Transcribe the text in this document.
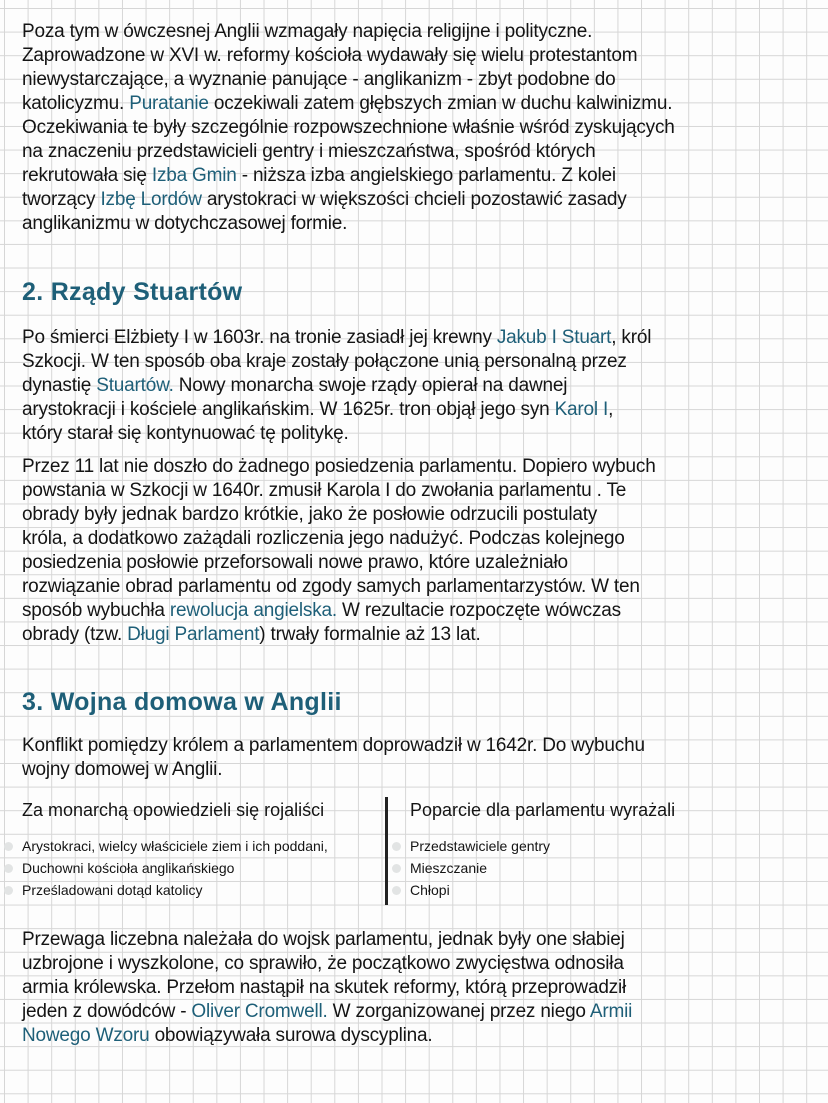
Poza tym w ówczesnej Anglii wzmagały napięcia religijne i polityczne.
Zaprowadzone w XVI w. reformy kościoła wydawały się wielu protestantom
niewystarczające, a wyznanie panujące - anglikanizm - zbyt podobne do
katolicyzmu. Puratanie oczekiwali zatem głębszych zmian w duchu kalwinizmu.
Oczekiwania te były szczególnie rozpowszechnione właśnie wśród zyskujących
na znaczeniu przedstawicieli gentry i mieszczaństwa, spośród których
rekrutowała się Izba Gmin - niższa izba angielskiego parlamentu. Z kolei
tworzący Izbę Lordów arystokraci w większości chcieli pozostawić zasady
anglikanizmu w dotychczasowej formie.
2. Rządy Stuartów
Po śmierci Elżbiety I w 1603r. na tronie zasiadł jej krewny Jakub I Stuart, król
Szkocji. W ten sposób oba kraje zostały połączone unią personalną przez
dynastię Stuartów. Nowy monarcha swoje rządy opierał na dawnej
arystokracji i kościele anglikańskim. W 1625r. tron objął jego syn Karol I,
który starał się kontynuować tę politykę.
Przez 11 lat nie doszło do żadnego posiedzenia parlamentu. Dopiero wybuch
powstania w Szkocji w 1640r. zmusił Karola I do zwołania parlamentu . Te
obrady były jednak bardzo krótkie, jako że posłowie odrzucili postulaty
króla, a dodatkowo zażądali rozliczenia jego nadużyć. Podczas kolejnego
posiedzenia posłowie przeforsowali nowe prawo, które uzależniało
rozwiązanie obrad parlamentu od zgody samych parlamentarzystów. W ten
sposób wybuchła rewolucja angielska. W rezultacie rozpoczęte wówczas
obrady (tzw. Długi Parlament) trwały formalnie aż 13 lat.
3. Wojna domowa w Anglii
Konflikt pomiędzy królem a parlamentem doprowadził w 1642r. Do wybuchu
wojny domowej w Anglii.
Za monarchą opowiedzieli się rojaliści
Arystokraci, wielcy właściciele ziem i ich poddani,
Duchowni kościoła anglikańskiego
Prześladowani dotąd katolicy
Poparcie dla parlamentu wyrażali
Przedstawiciele gentry
Mieszczanie
Chłopi
Przewaga liczebna należała do wojsk parlamentu, jednak były one słabiej
uzbrojone i wyszkolone, co sprawiło, że początkowo zwycięstwa odnosiła
armia królewska. Przełom nastąpił na skutek reformy, którą przeprowadził
jeden z dowódców - Oliver Cromwell. W zorganizowanej przez niego Armii
Nowego Wzoru obowiązywała surowa dyscyplina.
